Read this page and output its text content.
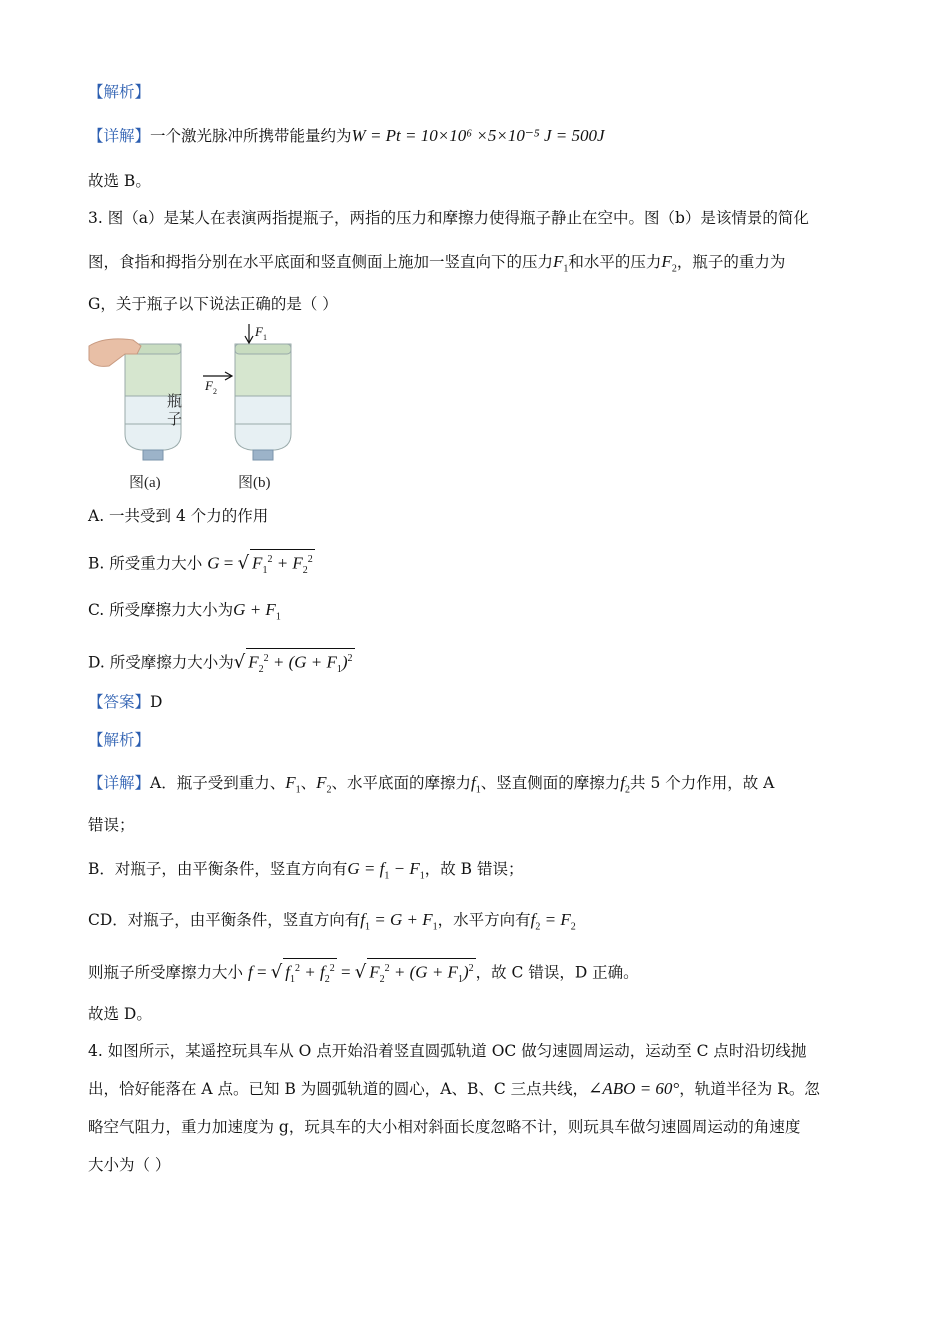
【解析】
【详解】一个激光脉冲所携带能量约为W = Pt = 10×10⁶ ×5×10⁻⁵ J = 500J
故选 B。
3. 图（a）是某人在表演两指提瓶子，两指的压力和摩擦力使得瓶子静止在空中。图（b）是该情景的简化
图，食指和拇指分别在水平底面和竖直侧面上施加一竖直向下的压力$F_1$和水平的压力$F_2$，瓶子的重力为
G，关于瓶子以下说法正确的是（ ）
瓶
子
F 1
F 2
图(a)	图(b)
A. 一共受到 4 个力的作用
B. 所受重力大小 G = √ $F_1^2 + F_2^2$
C. 所受摩擦力大小为$G + F_1$
D. 所受摩擦力大小为√ $F_2^2 + (G + F_1)^2$
【答案】D
【解析】
【详解】A．瓶子受到重力、$F_1$、$F_2$、水平底面的摩擦力$f_1$、竖直侧面的摩擦力$f_2$共 5 个力作用，故 A
错误；
B．对瓶子，由平衡条件，竖直方向有$G = f_1 - F_1$，故 B 错误；
CD．对瓶子，由平衡条件，竖直方向有$f_1 = G + F_1$，水平方向有$f_2 = F_2$
则瓶子所受摩擦力大小 f = √ $f_1^2 + f_2^2$ = √ $F_2^2 + (G + F_1)^2$ ，故 C 错误，D 正确。
故选 D。
4. 如图所示，某遥控玩具车从 O 点开始沿着竖直圆弧轨道 OC 做匀速圆周运动，运动至 C 点时沿切线抛
出，恰好能落在 A 点。已知 B 为圆弧轨道的圆心，A、B、C 三点共线，∠ABO = 60°，轨道半径为 R。忽
略空气阻力，重力加速度为 g，玩具车的大小相对斜面长度忽略不计，则玩具车做匀速圆周运动的角速度
大小为（ ）
